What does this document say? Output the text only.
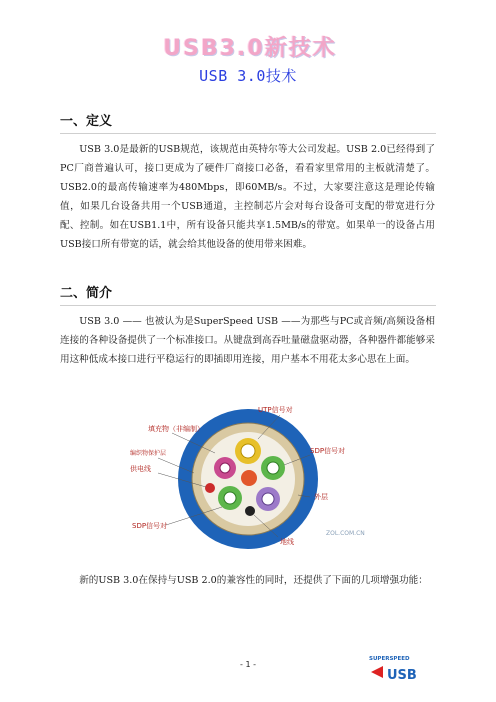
USB3.0新技术
USB 3.0技术
一、定义

USB 3.0是最新的USB规范，该规范由英特尔等大公司发起。USB 2.0已经得到了PC厂商普遍认可，接口更成为了硬件厂商接口必备，看看家里常用的主板就清楚了。 USB2.0的最高传输速率为480Mbps，即60MB/s。不过，大家要注意这是理论传输值，如果几台设备共用一个USB通道，主控制芯片会对每台设备可支配的带宽进行分配、控制。如在USB1.1中，所有设备只能共享1.5MB/s的带宽。如果单一的设备占用USB接口所有带宽的话，就会给其他设备的使用带来困难。

二、简介

USB 3.0 —— 也被认为是SuperSpeed USB ——为那些与PC或音频/高频设备相连接的各种设备提供了一个标准接口。从键盘到高吞吐量磁盘驱动器，各种器件都能够采用这种低成本接口进行平稳运行的即插即用连接，用户基本不用花太多心思在上面。

UTP信号对
填充物（非编制）
编织物保护层
供电线
SDP信号对
外层
SDP信号对
地线
ZOL.COM.CN

新的USB 3.0在保持与USB 2.0的兼容性的同时，还提供了下面的几项增强功能：

- 1 -
SUPERSPEED
USB
